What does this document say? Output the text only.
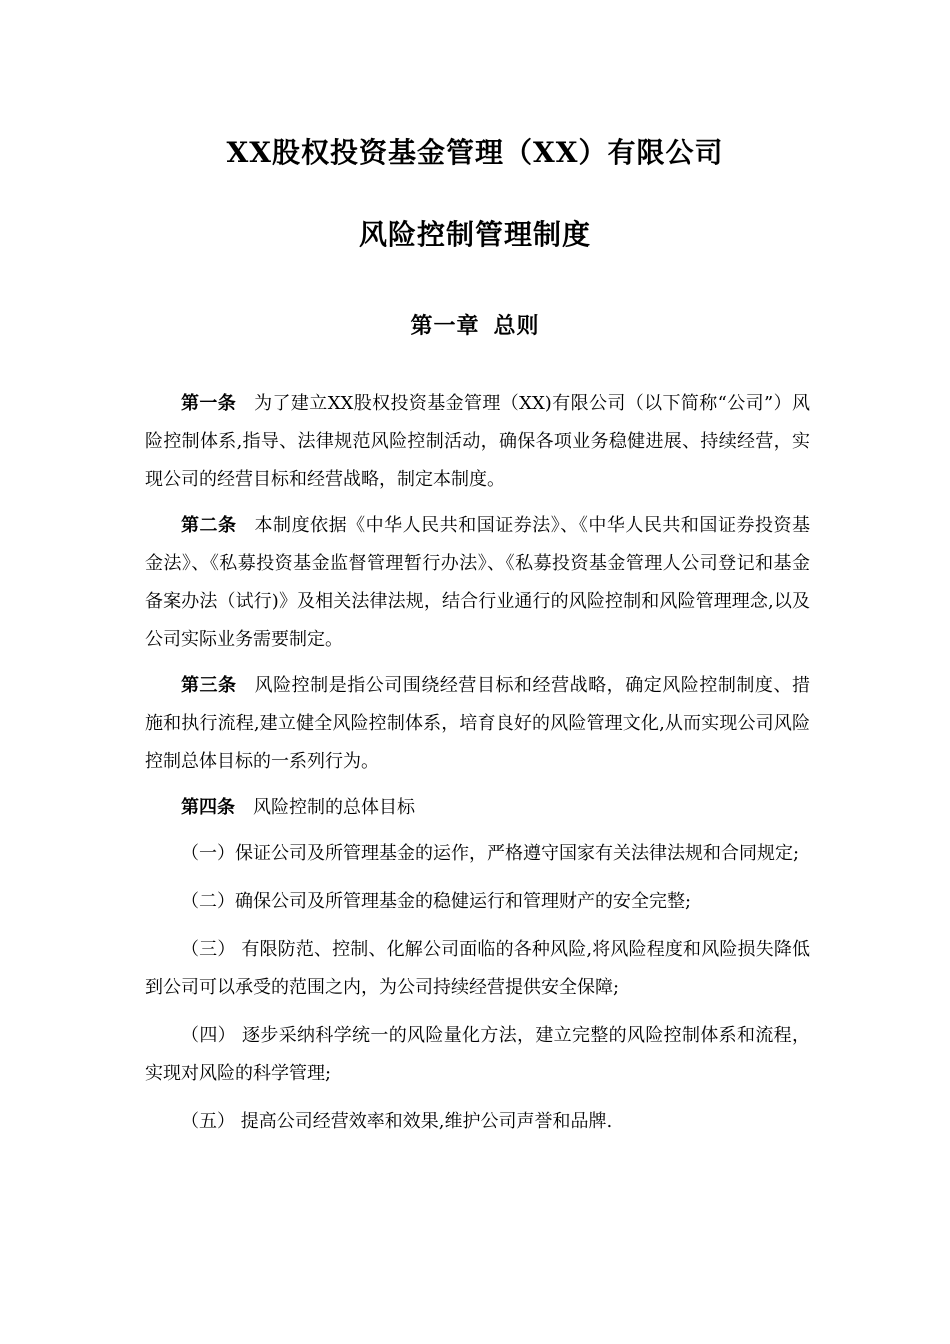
XX股权投资基金管理（XX）有限公司
风险控制管理制度
第一章 总则

第一条 为了建立XX股权投资基金管理（XX)有限公司（以下简称“公司”）风险控制体系,指导、法律规范风险控制活动，确保各项业务稳健进展、持续经营，实现公司的经营目标和经营战略，制定本制度。

第二条 本制度依据《中华人民共和国证券法》、《中华人民共和国证券投资基金法》、《私募投资基金监督管理暂行办法》、《私募投资基金管理人公司登记和基金备案办法（试行)》及相关法律法规，结合行业通行的风险控制和风险管理理念,以及公司实际业务需要制定。

第三条 风险控制是指公司围绕经营目标和经营战略，确定风险控制制度、措施和执行流程,建立健全风险控制体系，培育良好的风险管理文化,从而实现公司风险控制总体目标的一系列行为。

第四条 风险控制的总体目标

（一）保证公司及所管理基金的运作，严格遵守国家有关法律法规和合同规定;

（二）确保公司及所管理基金的稳健运行和管理财产的安全完整;

（三） 有限防范、控制、化解公司面临的各种风险,将风险程度和风险损失降低到公司可以承受的范围之内，为公司持续经营提供安全保障;

（四） 逐步采纳科学统一的风险量化方法，建立完整的风险控制体系和流程，实现对风险的科学管理;

（五） 提高公司经营效率和效果,维护公司声誉和品牌.
